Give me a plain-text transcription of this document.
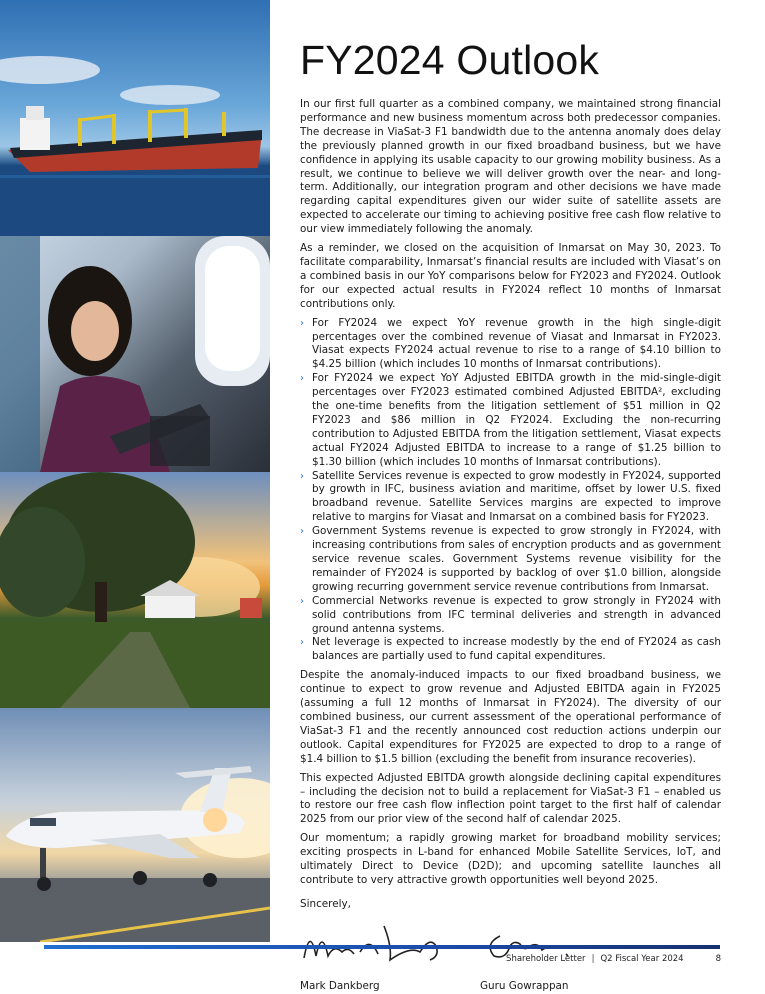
FY2024 Outlook

In our first full quarter as a combined company, we maintained strong financial performance and new business momentum across both predecessor companies. The decrease in ViaSat-3 F1 bandwidth due to the antenna anomaly does delay the previously planned growth in our fixed broadband business, but we have confidence in applying its usable capacity to our growing mobility business. As a result, we continue to believe we will deliver growth over the near- and long-term. Additionally, our integration program and other decisions we have made regarding capital expenditures given our wider suite of satellite assets are expected to accelerate our timing to achieving positive free cash flow relative to our view immediately following the anomaly.

As a reminder, we closed on the acquisition of Inmarsat on May 30, 2023. To facilitate comparability, Inmarsat’s financial results are included with Viasat’s on a combined basis in our YoY comparisons below for FY2023 and FY2024. Outlook for our expected actual results in FY2024 reflect 10 months of Inmarsat contributions only.

› For FY2024 we expect YoY revenue growth in the high single-digit percentages over the combined revenue of Viasat and Inmarsat in FY2023. Viasat expects FY2024 actual revenue to rise to a range of $4.10 billion to $4.25 billion (which includes 10 months of Inmarsat contributions).
› For FY2024 we expect YoY Adjusted EBITDA growth in the mid-single-digit percentages over FY2023 estimated combined Adjusted EBITDA², excluding the one-time benefits from the litigation settlement of $51 million in Q2 FY2023 and $86 million in Q2 FY2024. Excluding the non-recurring contribution to Adjusted EBITDA from the litigation settlement, Viasat expects actual FY2024 Adjusted EBITDA to increase to a range of $1.25 billion to $1.30 billion (which includes 10 months of Inmarsat contributions).
› Satellite Services revenue is expected to grow modestly in FY2024, supported by growth in IFC, business aviation and maritime, offset by lower U.S. fixed broadband revenue. Satellite Services margins are expected to improve relative to margins for Viasat and Inmarsat on a combined basis for FY2023.
› Government Systems revenue is expected to grow strongly in FY2024, with increasing contributions from sales of encryption products and as government service revenue scales. Government Systems revenue visibility for the remainder of FY2024 is supported by backlog of over $1.0 billion, alongside growing recurring government service revenue contributions from Inmarsat.
› Commercial Networks revenue is expected to grow strongly in FY2024 with solid contributions from IFC terminal deliveries and strength in advanced ground antenna systems.
› Net leverage is expected to increase modestly by the end of FY2024 as cash balances are partially used to fund capital expenditures.

Despite the anomaly-induced impacts to our fixed broadband business, we continue to expect to grow revenue and Adjusted EBITDA again in FY2025 (assuming a full 12 months of Inmarsat in FY2024). The diversity of our combined business, our current assessment of the operational performance of ViaSat-3 F1 and the recently announced cost reduction actions underpin our outlook. Capital expenditures for FY2025 are expected to drop to a range of $1.4 billion to $1.5 billion (excluding the benefit from insurance recoveries).

This expected Adjusted EBITDA growth alongside declining capital expenditures – including the decision not to build a replacement for ViaSat-3 F1 – enabled us to restore our free cash flow inflection point target to the first half of calendar 2025 from our prior view of the second half of calendar 2025.

Our momentum; a rapidly growing market for broadband mobility services; exciting prospects in L-band for enhanced Mobile Satellite Services, IoT, and ultimately Direct to Device (D2D); and upcoming satellite launches all contribute to very attractive growth opportunities well beyond 2025.

Sincerely,
Mark Dankberg	Guru Gowrappan
Shareholder Letter | Q2 Fiscal Year 2024	8
